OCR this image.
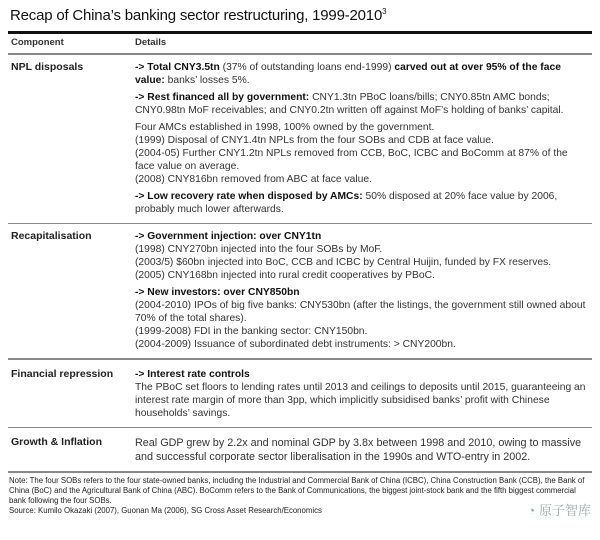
Recap of China’s banking sector restructuring, 1999-2010$^3$
Component	Details
NPL disposals	-> Total CNY3.5tn (37% of outstanding loans end-1999) carved out at over 95% of the face value: banks’ losses 5%.

-> Rest financed all by government: CNY1.3tn PBoC loans/bills; CNY0.85tn AMC bonds; CNY0.98tn MoF receivables; and CNY0.2tn written off against MoF’s holding of banks’ capital.

Four AMCs established in 1998, 100% owned by the government.
(1999) Disposal of CNY1.4tn NPLs from the four SOBs and CDB at face value.
(2004-05) Further CNY1.2tn NPLs removed from CCB, BoC, ICBC and BoComm at 87% of the face value on average.
(2008) CNY816bn removed from ABC at face value.

-> Low recovery rate when disposed by AMCs: 50% disposed at 20% face value by 2006, probably much lower afterwards.

Recapitalisation	-> Government injection: over CNY1tn
(1998) CNY270bn injected into the four SOBs by MoF.
(2003/5) $60bn injected into BoC, CCB and ICBC by Central Huijin, funded by FX reserves.
(2005) CNY168bn injected into rural credit cooperatives by PBoC.

-> New investors: over CNY850bn
(2004-2010) IPOs of big five banks: CNY530bn (after the listings, the government still owned about 70% of the total shares).
(1999-2008) FDI in the banking sector: CNY150bn.
(2004-2009) Issuance of subordinated debt instruments: > CNY200bn.

Financial repression	-> Interest rate controls
The PBoC set floors to lending rates until 2013 and ceilings to deposits until 2015, guaranteeing an interest rate margin of more than 3pp, which implicitly subsidised banks’ profit with Chinese households’ savings.

Growth & Inflation	Real GDP grew by 2.2x and nominal GDP by 3.8x between 1998 and 2010, owing to massive and successful corporate sector liberalisation in the 1990s and WTO-entry in 2002.

Note: The four SOBs refers to the four state-owned banks, including the Industrial and Commercial Bank of China (ICBC), China Construction Bank (CCB), the Bank of China (BoC) and the Agricultural Bank of China (ABC). BoComm refers to the Bank of Communications, the biggest joint-stock bank and the fifth biggest commercial bank following the four SOBs.
Source: Kumilo Okazaki (2007), Guonan Ma (2006), SG Cross Asset Research/Economics	◔ 原子智库
